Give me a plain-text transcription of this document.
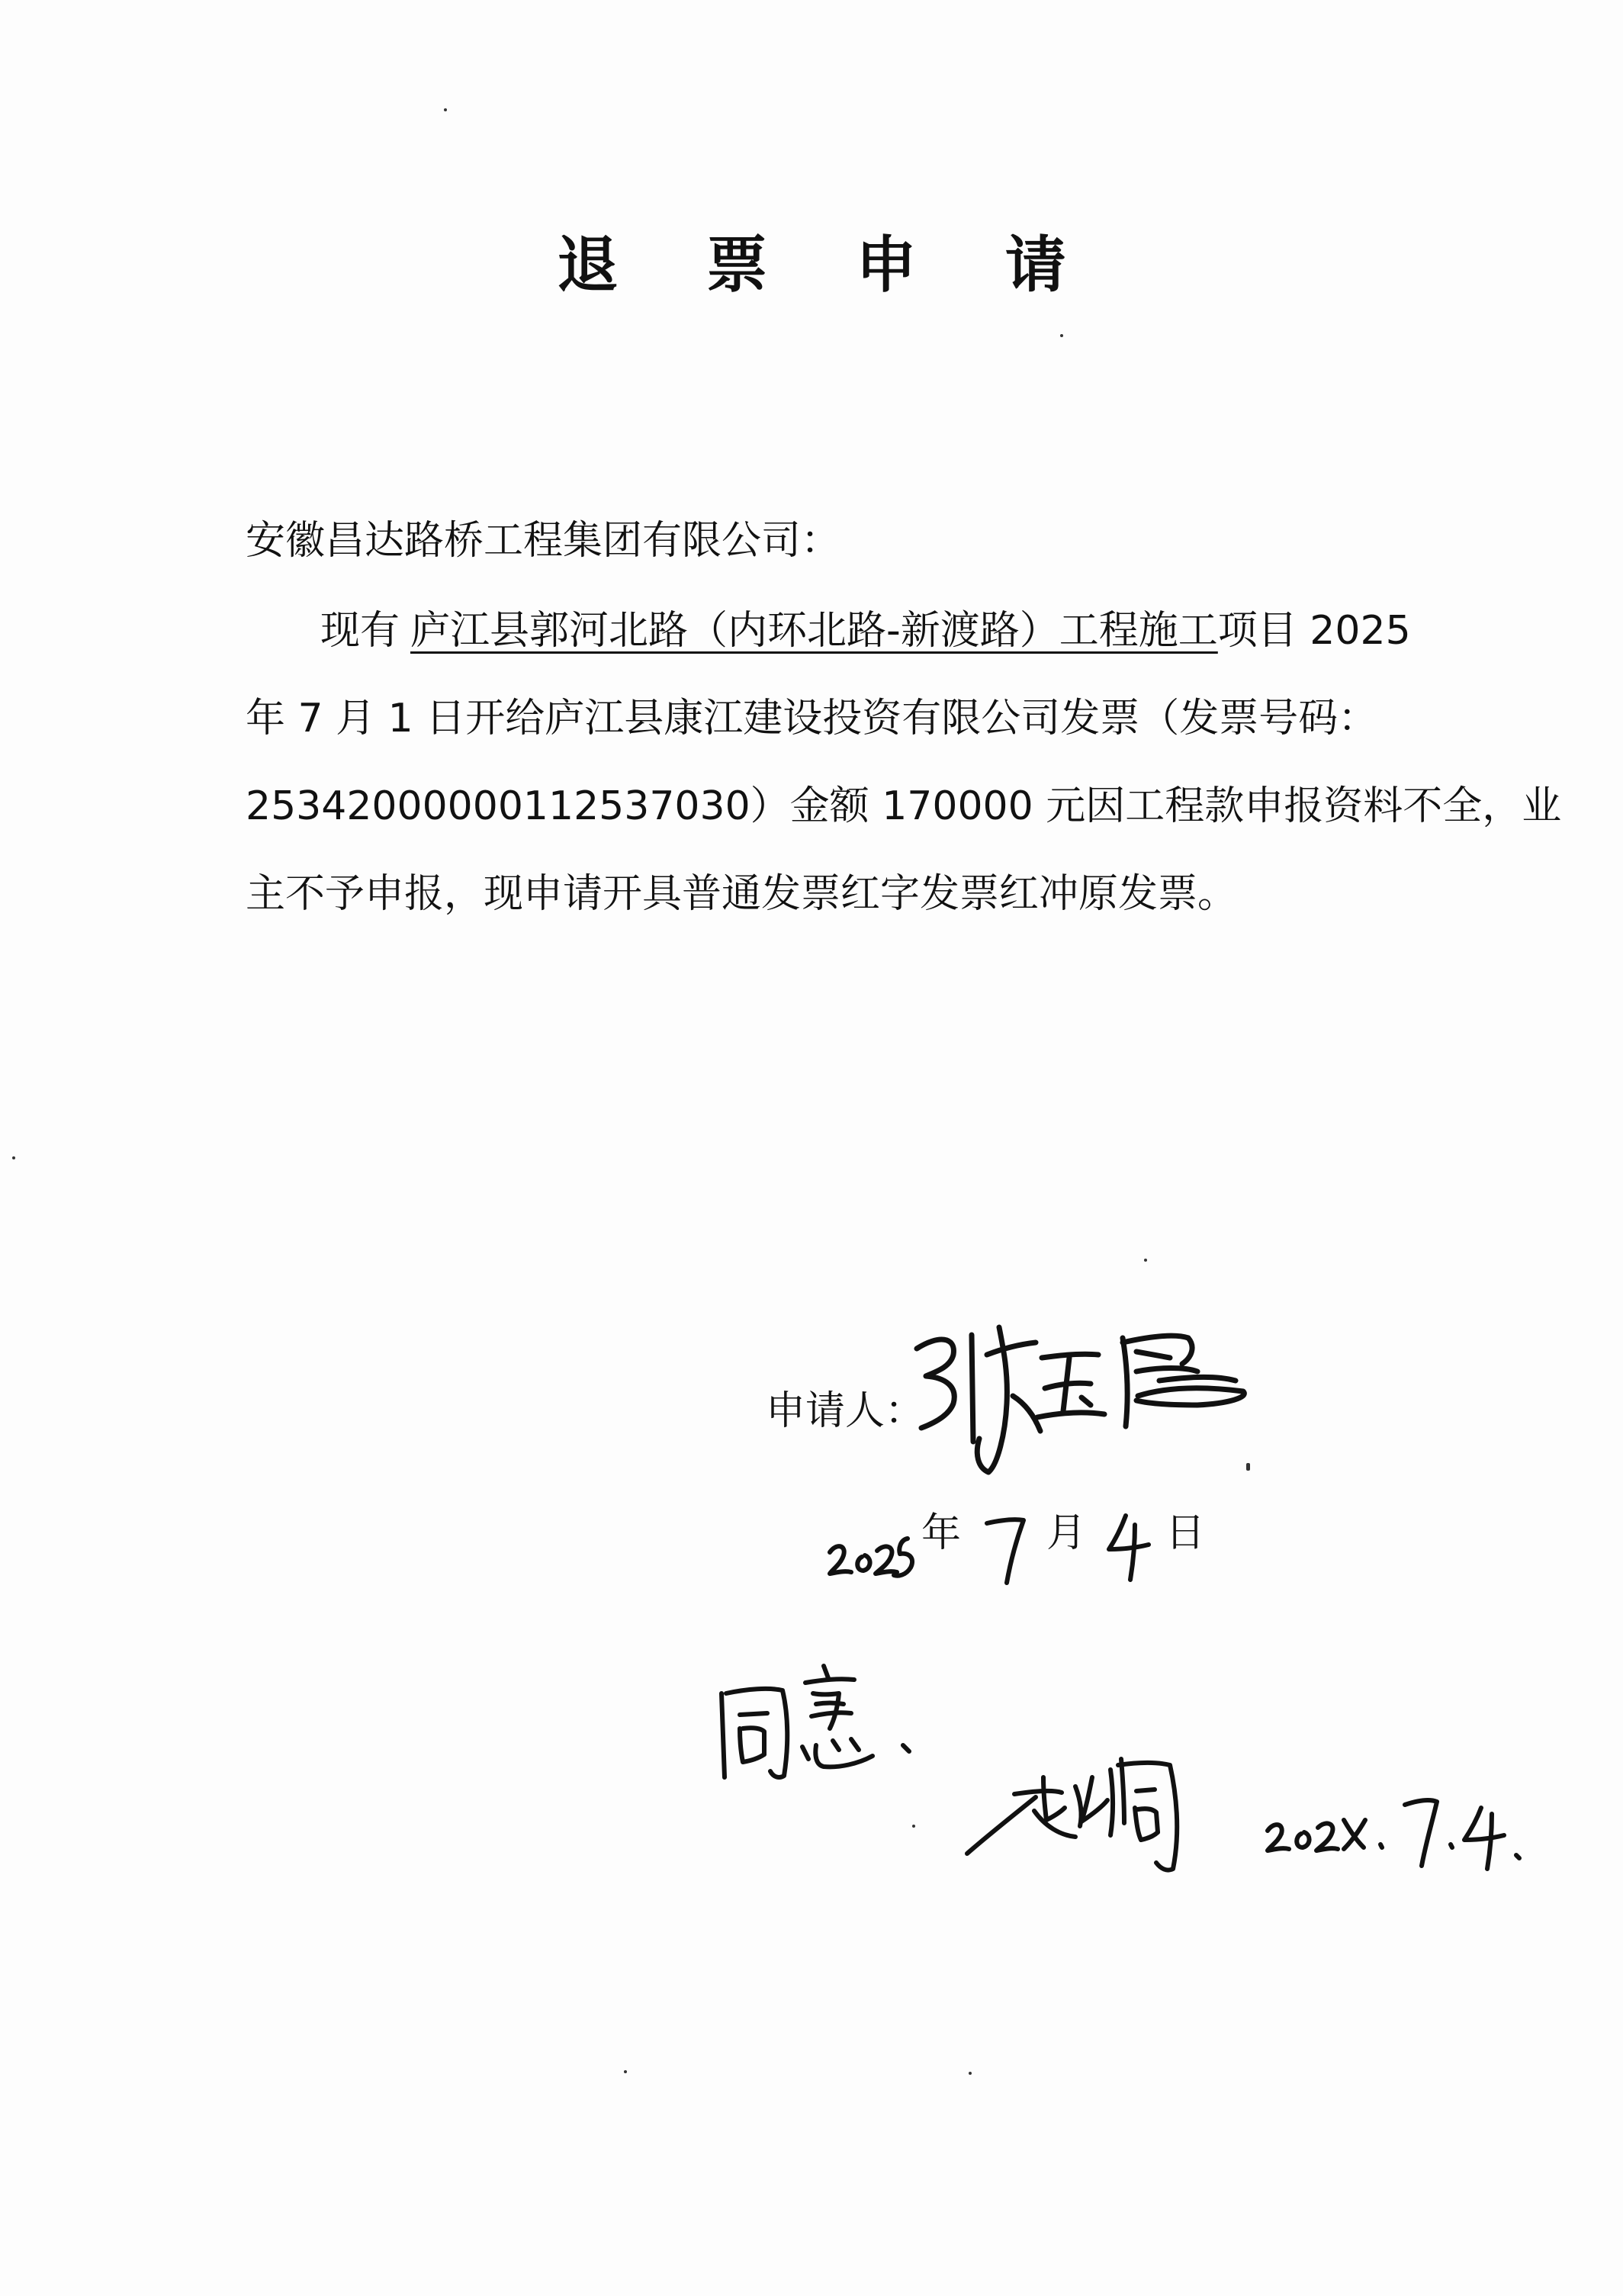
退 票 申 请
安徽昌达路桥工程集团有限公司：
现有 庐江县郭河北路（内环北路-新渡路）工程施工项目 2025
年 7 月 1 日开给庐江县康江建设投资有限公司发票（发票号码：
25342000000112537030）金额 170000 元因工程款申报资料不全，业
主不予申报，现申请开具普通发票红字发票红冲原发票。
申请人：
年 月 日
